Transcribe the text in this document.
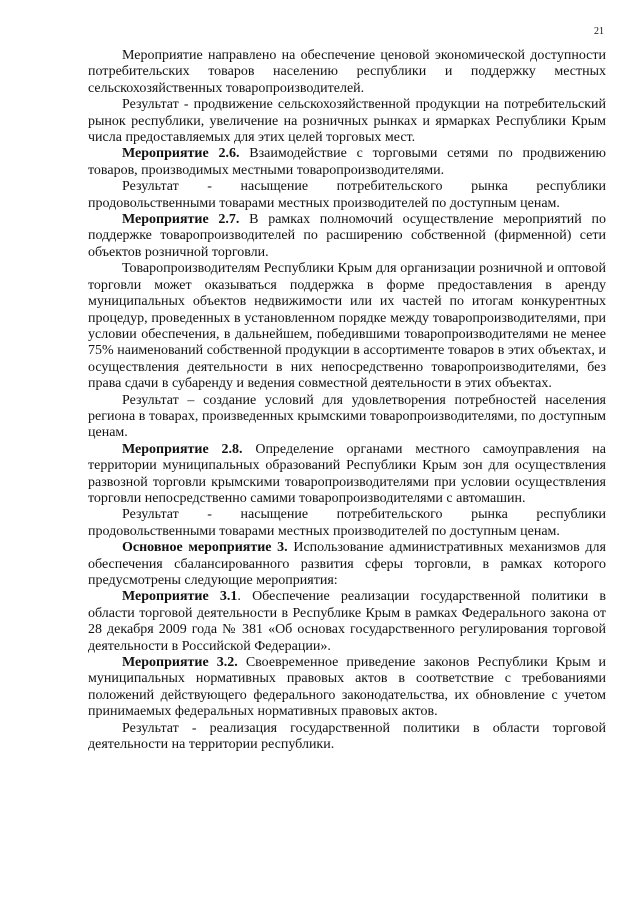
21

Мероприятие направлено на обеспечение ценовой экономической доступности потребительских товаров населению республики и поддержку местных сельскохозяйственных товаропроизводителей.

Результат - продвижение сельскохозяйственной продукции на потребительский рынок республики, увеличение на розничных рынках и ярмарках Республики Крым числа предоставляемых для этих целей торговых мест.

Мероприятие 2.6. Взаимодействие с торговыми сетями по продвижению товаров, производимых местными товаропроизводителями.

Результат - насыщение потребительского рынка республики продовольственными товарами местных производителей по доступным ценам.

Мероприятие 2.7. В рамках полномочий осуществление мероприятий по поддержке товаропроизводителей по расширению собственной (фирменной) сети объектов розничной торговли.

Товаропроизводителям Республики Крым для организации розничной и оптовой торговли может оказываться поддержка в форме предоставления в аренду муниципальных объектов недвижимости или их частей по итогам конкурентных процедур, проведенных в установленном порядке между товаропроизводителями, при условии обеспечения, в дальнейшем, победившими товаропроизводителями не менее 75% наименований собственной продукции в ассортименте товаров в этих объектах, и осуществления деятельности в них непосредственно товаропроизводителями, без права сдачи в субаренду и ведения совместной деятельности в этих объектах.

Результат – создание условий для удовлетворения потребностей населения региона в товарах, произведенных крымскими товаропроизводителями, по доступным ценам.

Мероприятие 2.8. Определение органами местного самоуправления на территории муниципальных образований Республики Крым зон для осуществления развозной торговли крымскими товаропроизводителями при условии осуществления торговли непосредственно самими товаропроизводителями с автомашин.

Результат - насыщение потребительского рынка республики продовольственными товарами местных производителей по доступным ценам.

Основное мероприятие 3. Использование административных механизмов для обеспечения сбалансированного развития сферы торговли, в рамках которого предусмотрены следующие мероприятия:

Мероприятие 3.1. Обеспечение реализации государственной политики в области торговой деятельности в Республике Крым в рамках Федерального закона от 28 декабря 2009 года № 381 «Об основах государственного регулирования торговой деятельности в Российской Федерации».

Мероприятие 3.2. Своевременное приведение законов Республики Крым и муниципальных нормативных правовых актов в соответствие с требованиями положений действующего федерального законодательства, их обновление с учетом принимаемых федеральных нормативных правовых актов.

Результат - реализация государственной политики в области торговой деятельности на территории республики.
